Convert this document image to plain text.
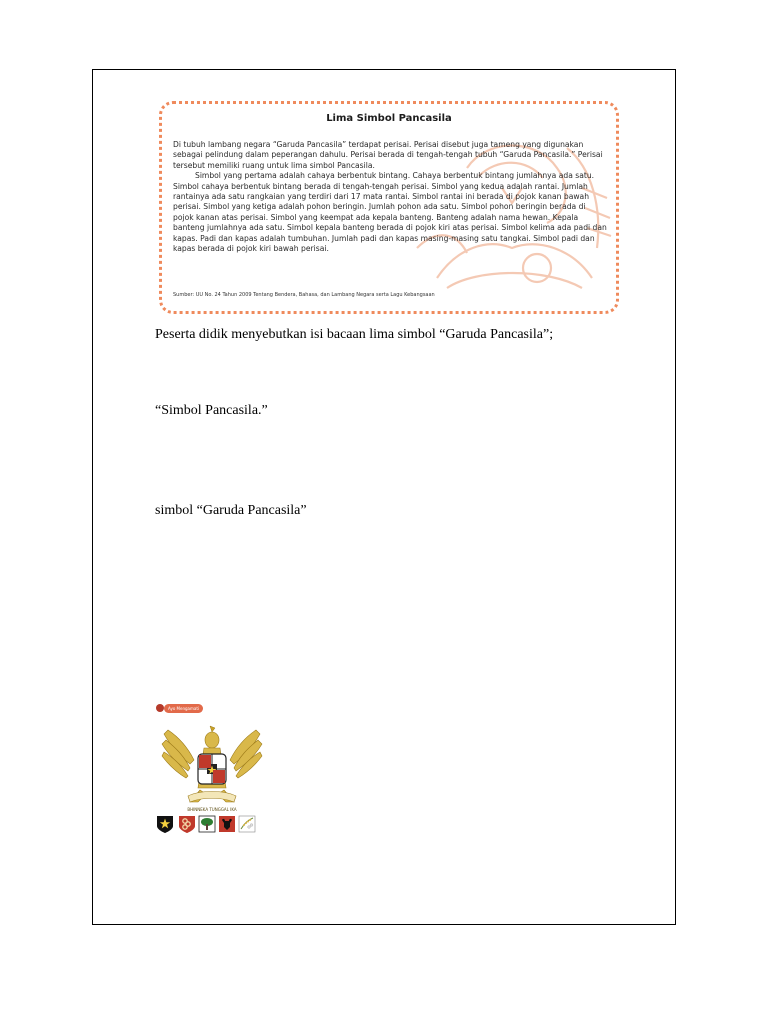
Lima Simbol Pancasila

Di tubuh lambang negara “Garuda Pancasila” terdapat perisai. Perisai disebut juga tameng yang digunakan sebagai pelindung dalam peperangan dahulu. Perisai berada di tengah-tengah tubuh “Garuda Pancasila.” Perisai tersebut memiliki ruang untuk lima simbol Pancasila.

Simbol yang pertama adalah cahaya berbentuk bintang. Cahaya berbentuk bintang jumlahnya ada satu. Simbol cahaya berbentuk bintang berada di tengah-tengah perisai. Simbol yang kedua adalah rantai. Jumlah rantainya ada satu rangkaian yang terdiri dari 17 mata rantai. Simbol rantai ini berada di pojok kanan bawah perisai. Simbol yang ketiga adalah pohon beringin. Jumlah pohon ada satu. Simbol pohon beringin berada di pojok kanan atas perisai. Simbol yang keempat ada kepala banteng. Banteng adalah nama hewan. Kepala banteng jumlahnya ada satu. Simbol kepala banteng berada di pojok kiri atas perisai. Simbol kelima ada padi dan kapas. Padi dan kapas adalah tumbuhan. Jumlah padi dan kapas masing-masing satu tangkai. Simbol padi dan kapas berada di pojok kiri bawah perisai.

Sumber: UU No. 24 Tahun 2009 Tentang Bendera, Bahasa, dan Lambang Negara serta Lagu Kebangsaan
Peserta didik menyebutkan isi bacaan lima simbol “Garuda Pancasila”;
“Simbol Pancasila.”
simbol “Garuda Pancasila”
Ayo Mengamati
BHINNEKA TUNGGAL IKA
